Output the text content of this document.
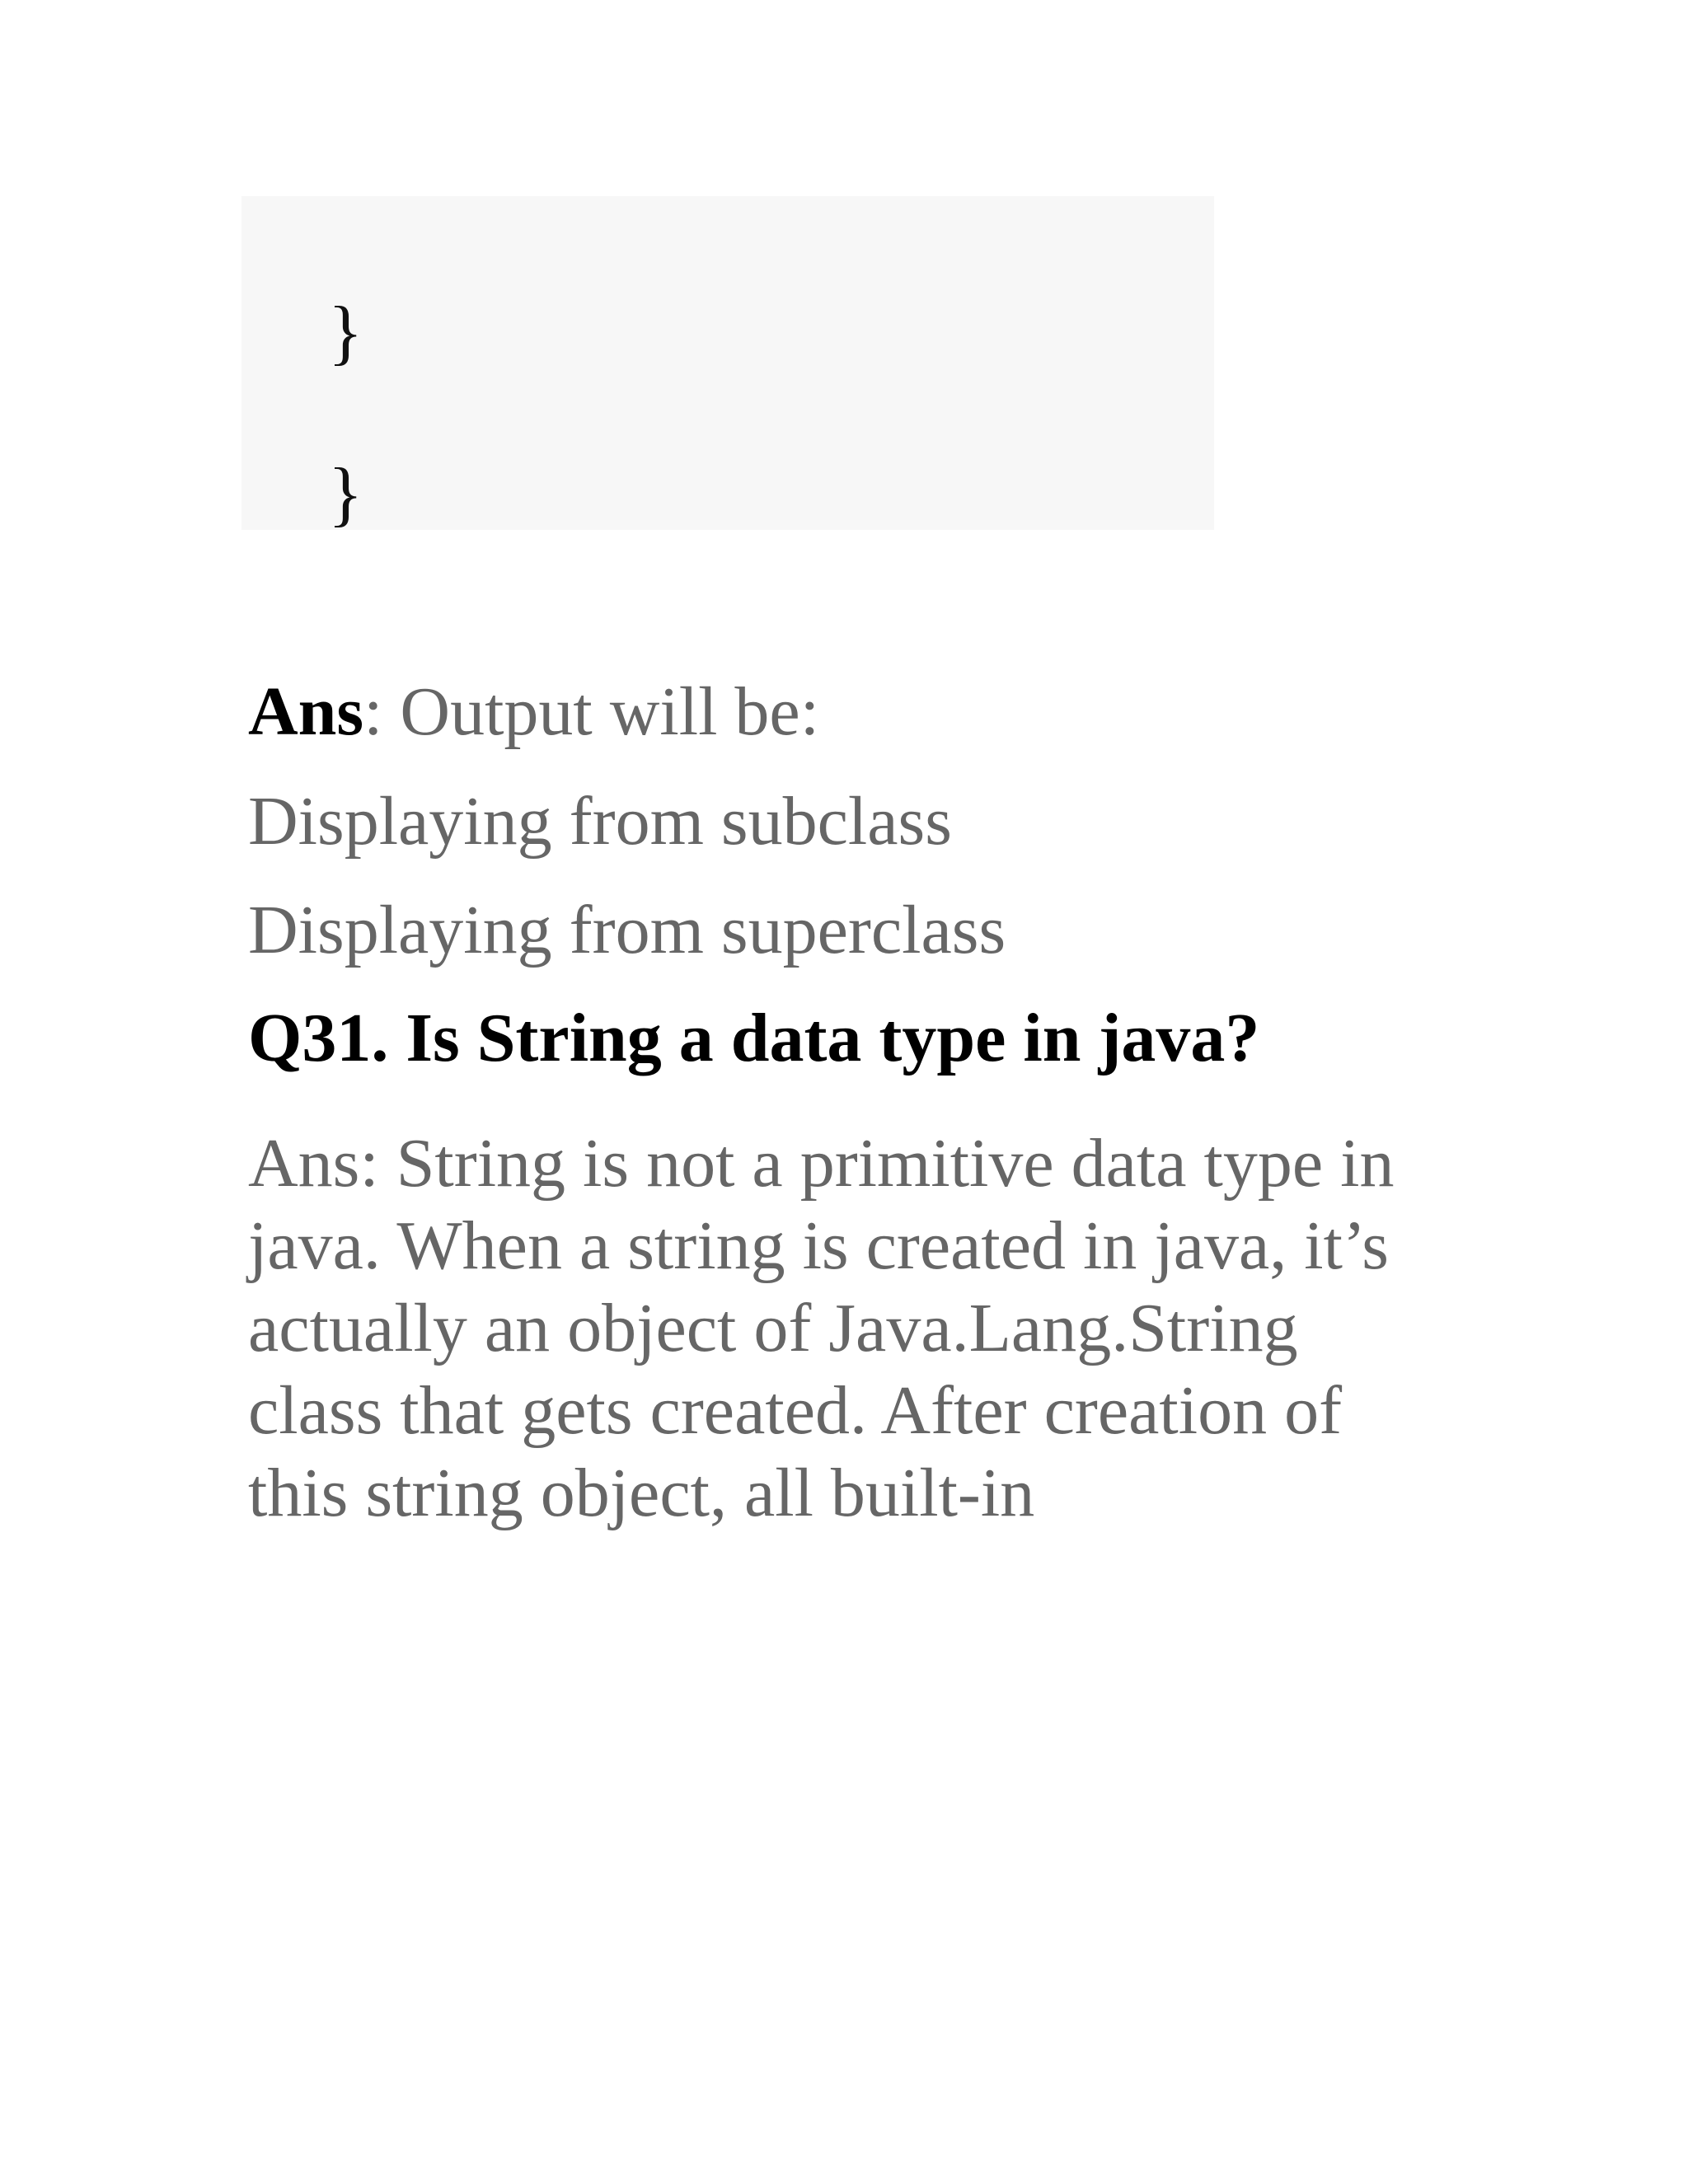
}
}

Ans: Output will be:

Displaying from subclass

Displaying from superclass

Q31. Is String a data type in java?
Ans: String is not a primitive data type in
java. When a string is created in java, it’s
actually an object of Java.Lang.String
class that gets created. After creation of
this string object, all built-in
